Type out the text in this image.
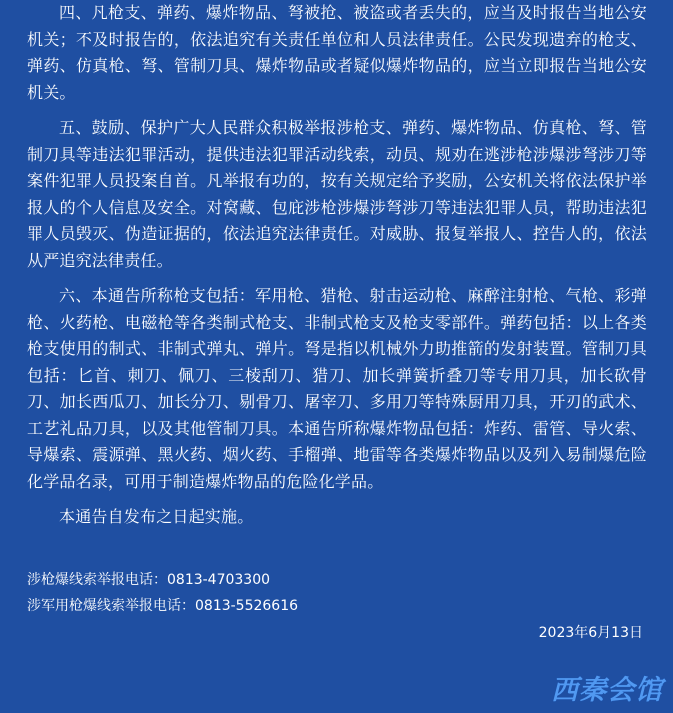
四、凡枪支、弹药、爆炸物品、弩被抢、被盗或者丢失的，应当及时报告当地公安机关；不及时报告的，依法追究有关责任单位和人员法律责任。公民发现遗弃的枪支、弹药、仿真枪、弩、管制刀具、爆炸物品或者疑似爆炸物品的，应当立即报告当地公安机关。

五、鼓励、保护广大人民群众积极举报涉枪支、弹药、爆炸物品、仿真枪、弩、管制刀具等违法犯罪活动，提供违法犯罪活动线索，动员、规劝在逃涉枪涉爆涉弩涉刀等案件犯罪人员投案自首。凡举报有功的，按有关规定给予奖励，公安机关将依法保护举报人的个人信息及安全。对窝藏、包庇涉枪涉爆涉弩涉刀等违法犯罪人员，帮助违法犯罪人员毁灭、伪造证据的，依法追究法律责任。对威胁、报复举报人、控告人的，依法从严追究法律责任。

六、本通告所称枪支包括：军用枪、猎枪、射击运动枪、麻醉注射枪、气枪、彩弹枪、火药枪、电磁枪等各类制式枪支、非制式枪支及枪支零部件。弹药包括：以上各类枪支使用的制式、非制式弹丸、弹片。弩是指以机械外力助推箭的发射装置。管制刀具包括：匕首、刺刀、佩刀、三棱刮刀、猎刀、加长弹簧折叠刀等专用刀具，加长砍骨刀、加长西瓜刀、加长分刀、剔骨刀、屠宰刀、多用刀等特殊厨用刀具，开刃的武术、工艺礼品刀具，以及其他管制刀具。本通告所称爆炸物品包括：炸药、雷管、导火索、导爆索、震源弹、黑火药、烟火药、手榴弹、地雷等各类爆炸物品以及列入易制爆危险化学品名录，可用于制造爆炸物品的危险化学品。

本通告自发布之日起实施。

涉枪爆线索举报电话：0813-4703300
涉军用枪爆线索举报电话：0813-5526616
2023年6月13日
西秦会馆
